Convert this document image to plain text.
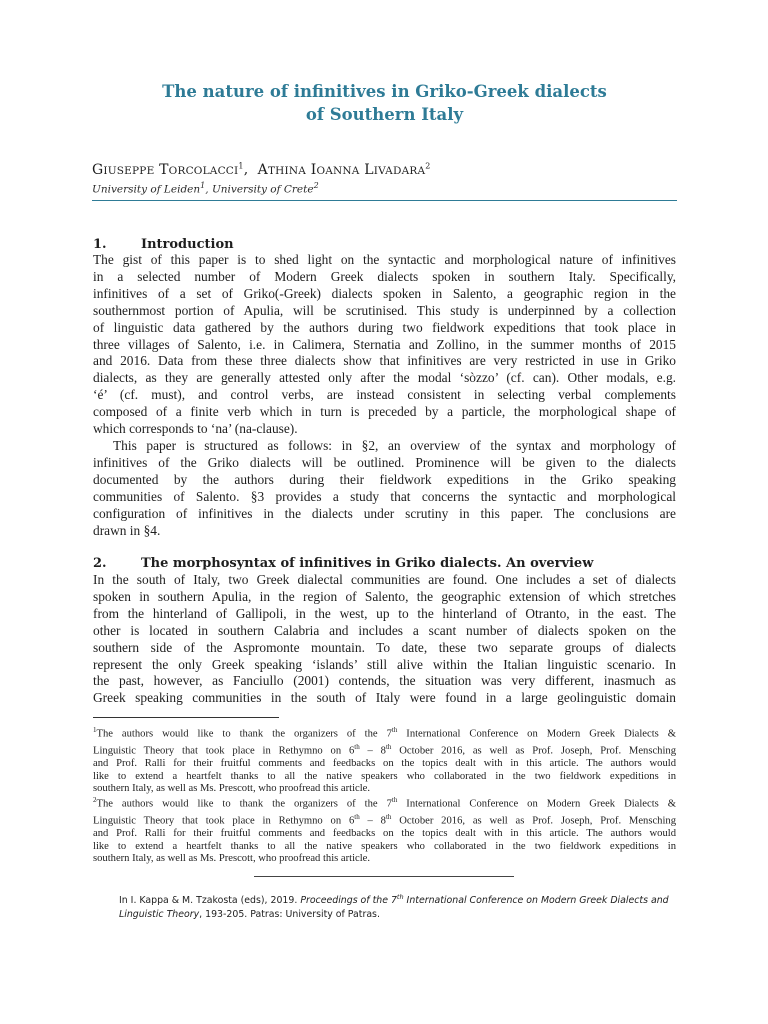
The nature of infinitives in Griko-Greek dialects
of Southern Italy
GIUSEPPE TORCOLACCI$^1$,  ATHINA IOANNA LIVADARA$^2$
University of Leiden$^1$, University of Crete$^2$
1.	Introduction
The gist of this paper is to shed light on the syntactic and morphological nature of infinitives
in a selected number of Modern Greek dialects spoken in southern Italy. Specifically,
infinitives of a set of Griko(-Greek) dialects spoken in Salento, a geographic region in the
southernmost portion of Apulia, will be scrutinised. This study is underpinned by a collection
of linguistic data gathered by the authors during two fieldwork expeditions that took place in
three villages of Salento, i.e. in Calimera, Sternatia and Zollino, in the summer months of 2015
and 2016. Data from these three dialects show that infinitives are very restricted in use in Griko
dialects, as they are generally attested only after the modal ‘sòzzo’ (cf. can). Other modals, e.g.
‘é’ (cf. must), and control verbs, are instead consistent in selecting verbal complements
composed of a finite verb which in turn is preceded by a particle, the morphological shape of
which corresponds to ‘na’ (na-clause).
This paper is structured as follows: in §2, an overview of the syntax and morphology of
infinitives of the Griko dialects will be outlined. Prominence will be given to the dialects
documented by the authors during their fieldwork expeditions in the Griko speaking
communities of Salento. §3 provides a study that concerns the syntactic and morphological
configuration of infinitives in the dialects under scrutiny in this paper. The conclusions are
drawn in §4.
2.	The morphosyntax of infinitives in Griko dialects. An overview
In the south of Italy, two Greek dialectal communities are found. One includes a set of dialects
spoken in southern Apulia, in the region of Salento, the geographic extension of which stretches
from the hinterland of Gallipoli, in the west, up to the hinterland of Otranto, in the east. The
other is located in southern Calabria and includes a scant number of dialects spoken on the
southern side of the Aspromonte mountain. To date, these two separate groups of dialects
represent the only Greek speaking ‘islands’ still alive within the Italian linguistic scenario. In
the past, however, as Fanciullo (2001) contends, the situation was very different, inasmuch as
Greek speaking communities in the south of Italy were found in a large geolinguistic domain
$^1$The authors would like to thank the organizers of the 7th International Conference on Modern Greek Dialects &
Linguistic Theory that took place in Rethymno on 6th – 8th October 2016, as well as Prof. Joseph, Prof. Mensching
and Prof. Ralli for their fruitful comments and feedbacks on the topics dealt with in this article. The authors would
like to extend a heartfelt thanks to all the native speakers who collaborated in the two fieldwork expeditions in
southern Italy, as well as Ms. Prescott, who proofread this article.
$^2$The authors would like to thank the organizers of the 7th International Conference on Modern Greek Dialects &
Linguistic Theory that took place in Rethymno on 6th – 8th October 2016, as well as Prof. Joseph, Prof. Mensching
and Prof. Ralli for their fruitful comments and feedbacks on the topics dealt with in this article. The authors would
like to extend a heartfelt thanks to all the native speakers who collaborated in the two fieldwork expeditions in
southern Italy, as well as Ms. Prescott, who proofread this article.
In I. Kappa & M. Tzakosta (eds), 2019. Proceedings of the 7th International Conference on Modern Greek Dialects and
Linguistic Theory, 193-205. Patras: University of Patras.
